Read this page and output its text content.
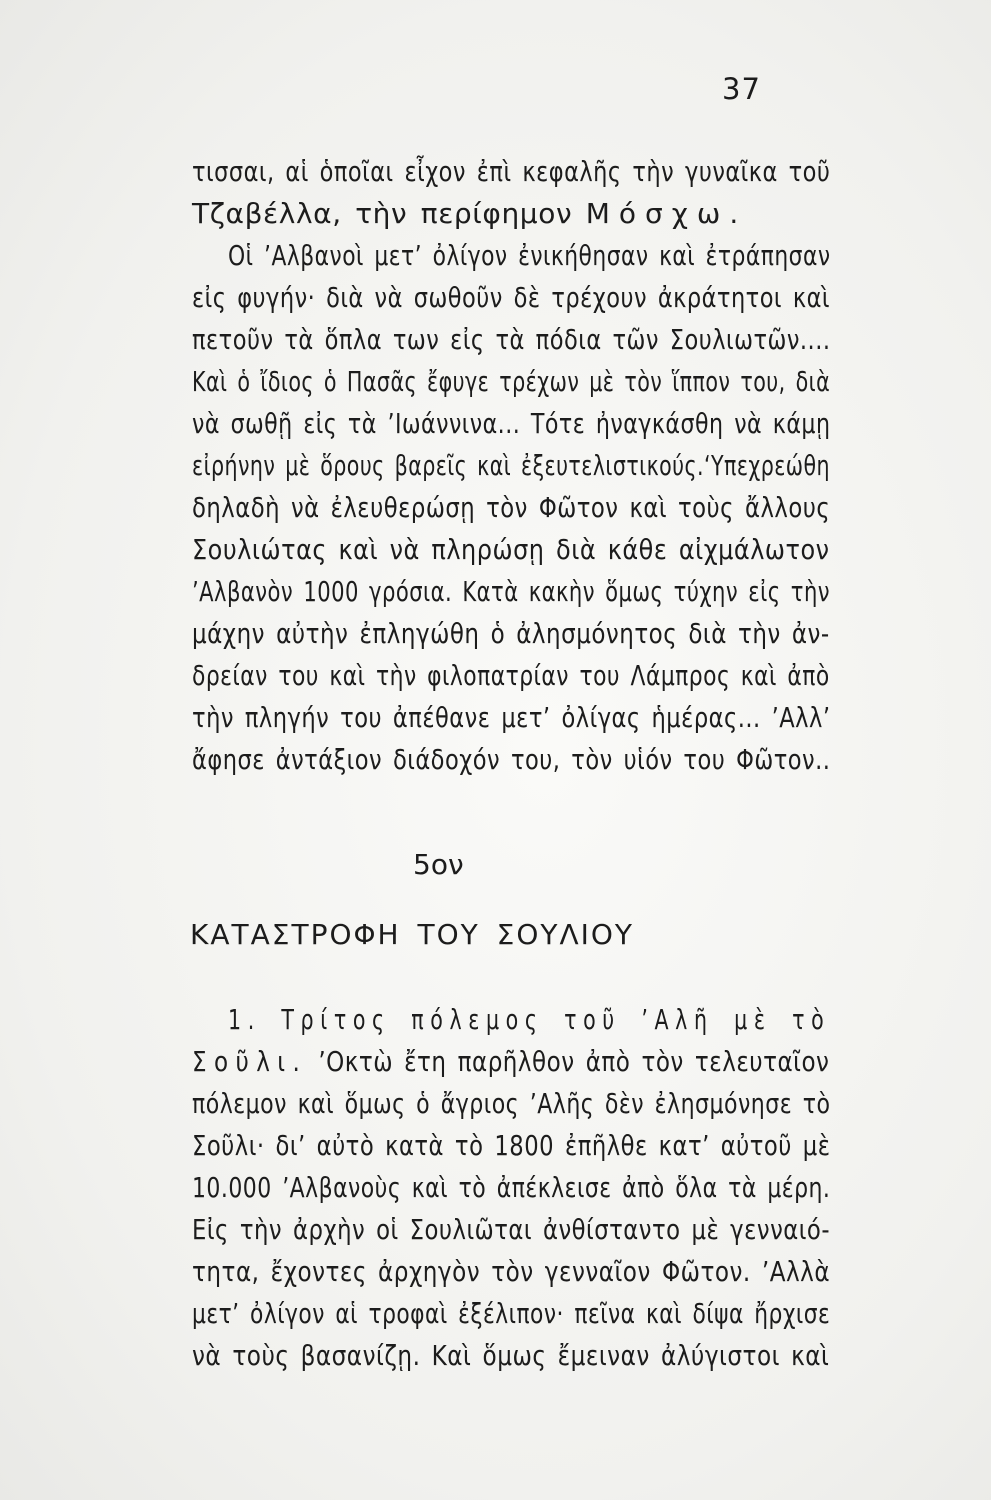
37
τισσαι, αἱ ὁποῖαι εἶχον ἐπὶ κεφαλῆς τὴν γυναῖκα τοῦ
Τζαβέλλα, τὴν περίφημον Μόσχω.
Οἱ ’Αλβανοὶ μετ’ ὀλίγον ἐνικήθησαν καὶ ἐτράπησαν
εἰς φυγήν· διὰ νὰ σωθοῦν δὲ τρέχουν ἀκράτητοι καὶ
πετοῦν τὰ ὅπλα των εἰς τὰ πόδια τῶν Σουλιωτῶν....
Καὶ ὁ ἴδιος ὁ Πασᾶς ἔφυγε τρέχων μὲ τὸν ἵππον του, διὰ
νὰ σωθῇ εἰς τὰ ’Ιωάννινα... Τότε ἠναγκάσθη νὰ κάμῃ
εἰρήνην μὲ ὅρους βαρεῖς καὶ ἐξευτελιστικούς.‘Υπεχρεώθη
δηλαδὴ νὰ ἐλευθερώσῃ τὸν Φῶτον καὶ τοὺς ἄλλους
Σουλιώτας καὶ νὰ πληρώσῃ διὰ κάθε αἰχμάλωτον
’Αλβανὸν 1000 γρόσια. Κατὰ κακὴν ὅμως τύχην εἰς τὴν
μάχην αὐτὴν ἐπληγώθη ὁ ἀλησμόνητος διὰ τὴν ἀν-
δρείαν του καὶ τὴν φιλοπατρίαν του Λάμπρος καὶ ἀπὸ
τὴν πληγήν του ἀπέθανε μετ’ ὀλίγας ἡμέρας... ’Αλλ’
ἄφησε ἀντάξιον διάδοχόν του, τὸν υἱόν του Φῶτον..
5ον
ΚΑΤΑΣΤΡΟΦΗ ΤΟΥ ΣΟΥΛΙΟΥ
1. Τρίτος πόλεμος τοῦ ’Αλῆ μὲ τὸ
Σοῦλι. ’Οκτὼ ἔτη παρῆλθον ἀπὸ τὸν τελευταῖον
πόλεμον καὶ ὅμως ὁ ἄγριος ’Αλῆς δὲν ἐλησμόνησε τὸ
Σοῦλι· δι’ αὐτὸ κατὰ τὸ 1800 ἐπῆλθε κατ’ αὐτοῦ μὲ
10.000 ’Αλβανοὺς καὶ τὸ ἀπέκλεισε ἀπὸ ὅλα τὰ μέρη.
Εἰς τὴν ἀρχὴν οἱ Σουλιῶται ἀνθίσταντο μὲ γενναιό-
τητα, ἔχοντες ἀρχηγὸν τὸν γενναῖον Φῶτον. ’Αλλὰ
μετ’ ὀλίγον αἱ τροφαὶ ἐξέλιπον· πεῖνα καὶ δίψα ἤρχισε
νὰ τοὺς βασανίζῃ. Καὶ ὅμως ἔμειναν ἀλύγιστοι καὶ
